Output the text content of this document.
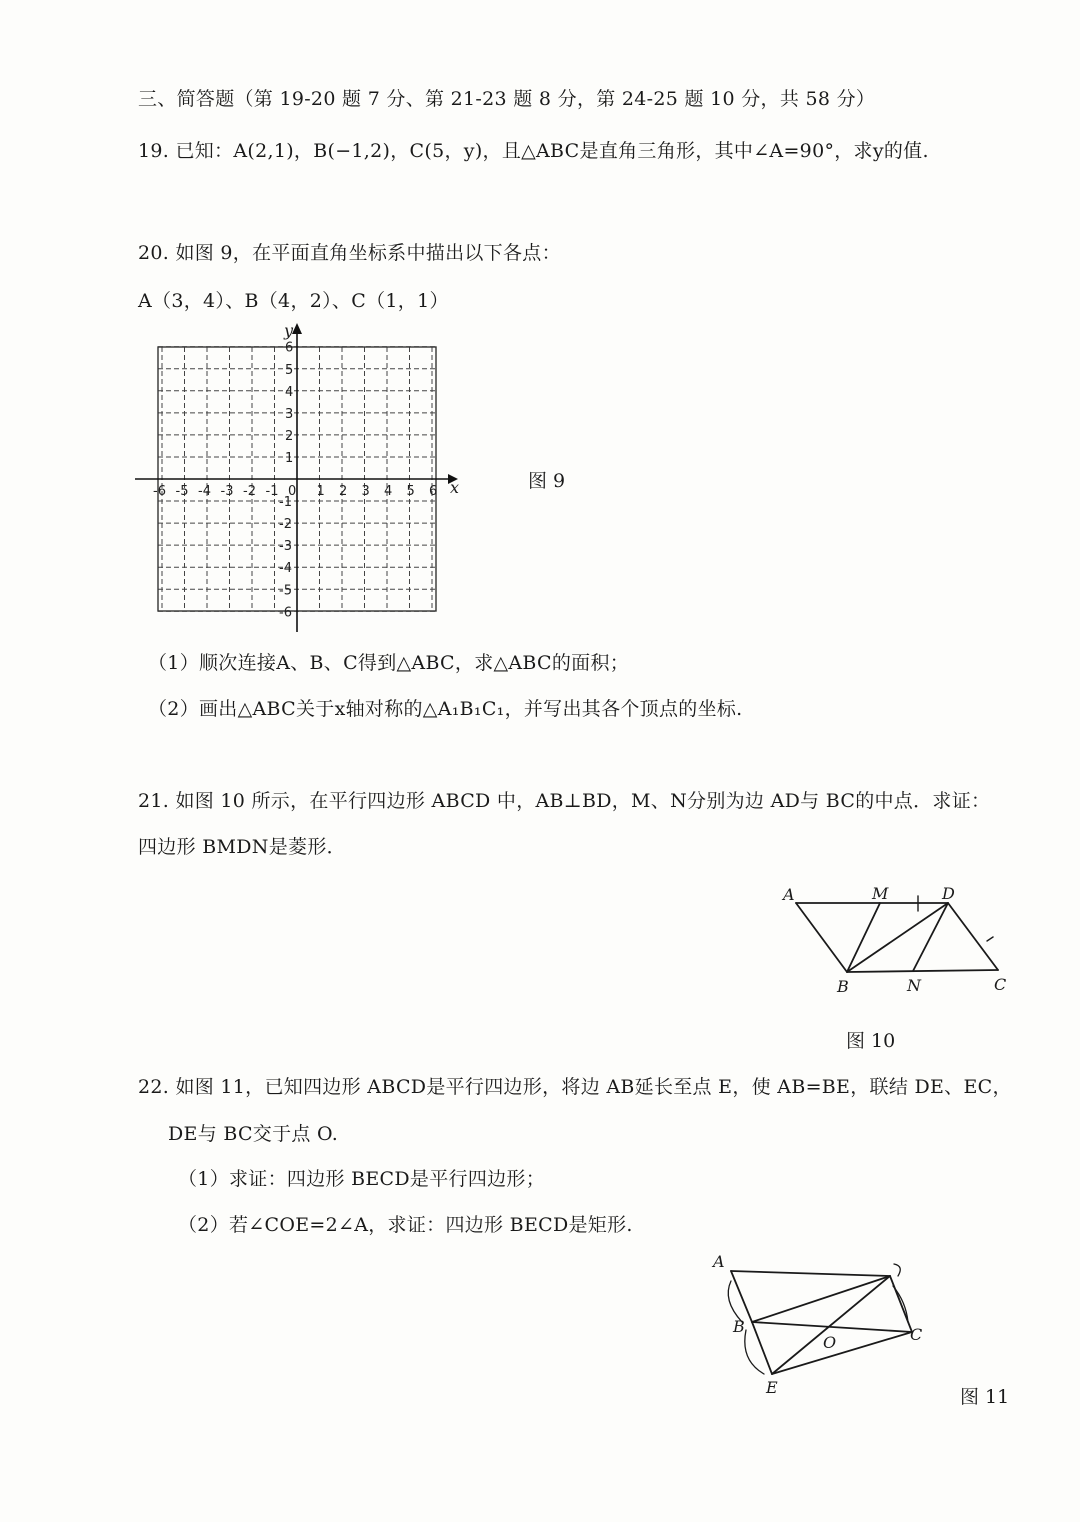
三、简答题（第 19-20 题 7 分、第 21-23 题 8 分，第 24-25 题 10 分，共 58 分）
19. 已知：A(2,1)，B(−1,2)，C(5，y)，且△ABC是直角三角形，其中∠A=90°，求y的值.
20. 如图 9，在平面直角坐标系中描出以下各点：
A（3，4）、B（4，2）、C（1，1）
-6 -5 -4 -3 -2 -1 0 1 2 3 4 5 6
1
2
3
4
5
6
-1
-2
-3
-4
-5
-6
x
y
图 9
（1）顺次连接A、B、C得到△ABC，求△ABC的面积；
（2）画出△ABC关于x轴对称的△A₁B₁C₁，并写出其各个顶点的坐标.
21. 如图 10 所示，在平行四边形 ABCD 中，AB⊥BD，M、N分别为边 AD与 BC的中点．求证：
四边形 BMDN是菱形．
A	M	D
B	N	C
图 10
22. 如图 11，已知四边形 ABCD是平行四边形，将边 AB延长至点 E，使 AB=BE，联结 DE、EC，
DE与 BC交于点 O.
（1）求证：四边形 BECD是平行四边形；
（2）若∠COE=2∠A，求证：四边形 BECD是矩形.
A
B
O	C
E	图 11
